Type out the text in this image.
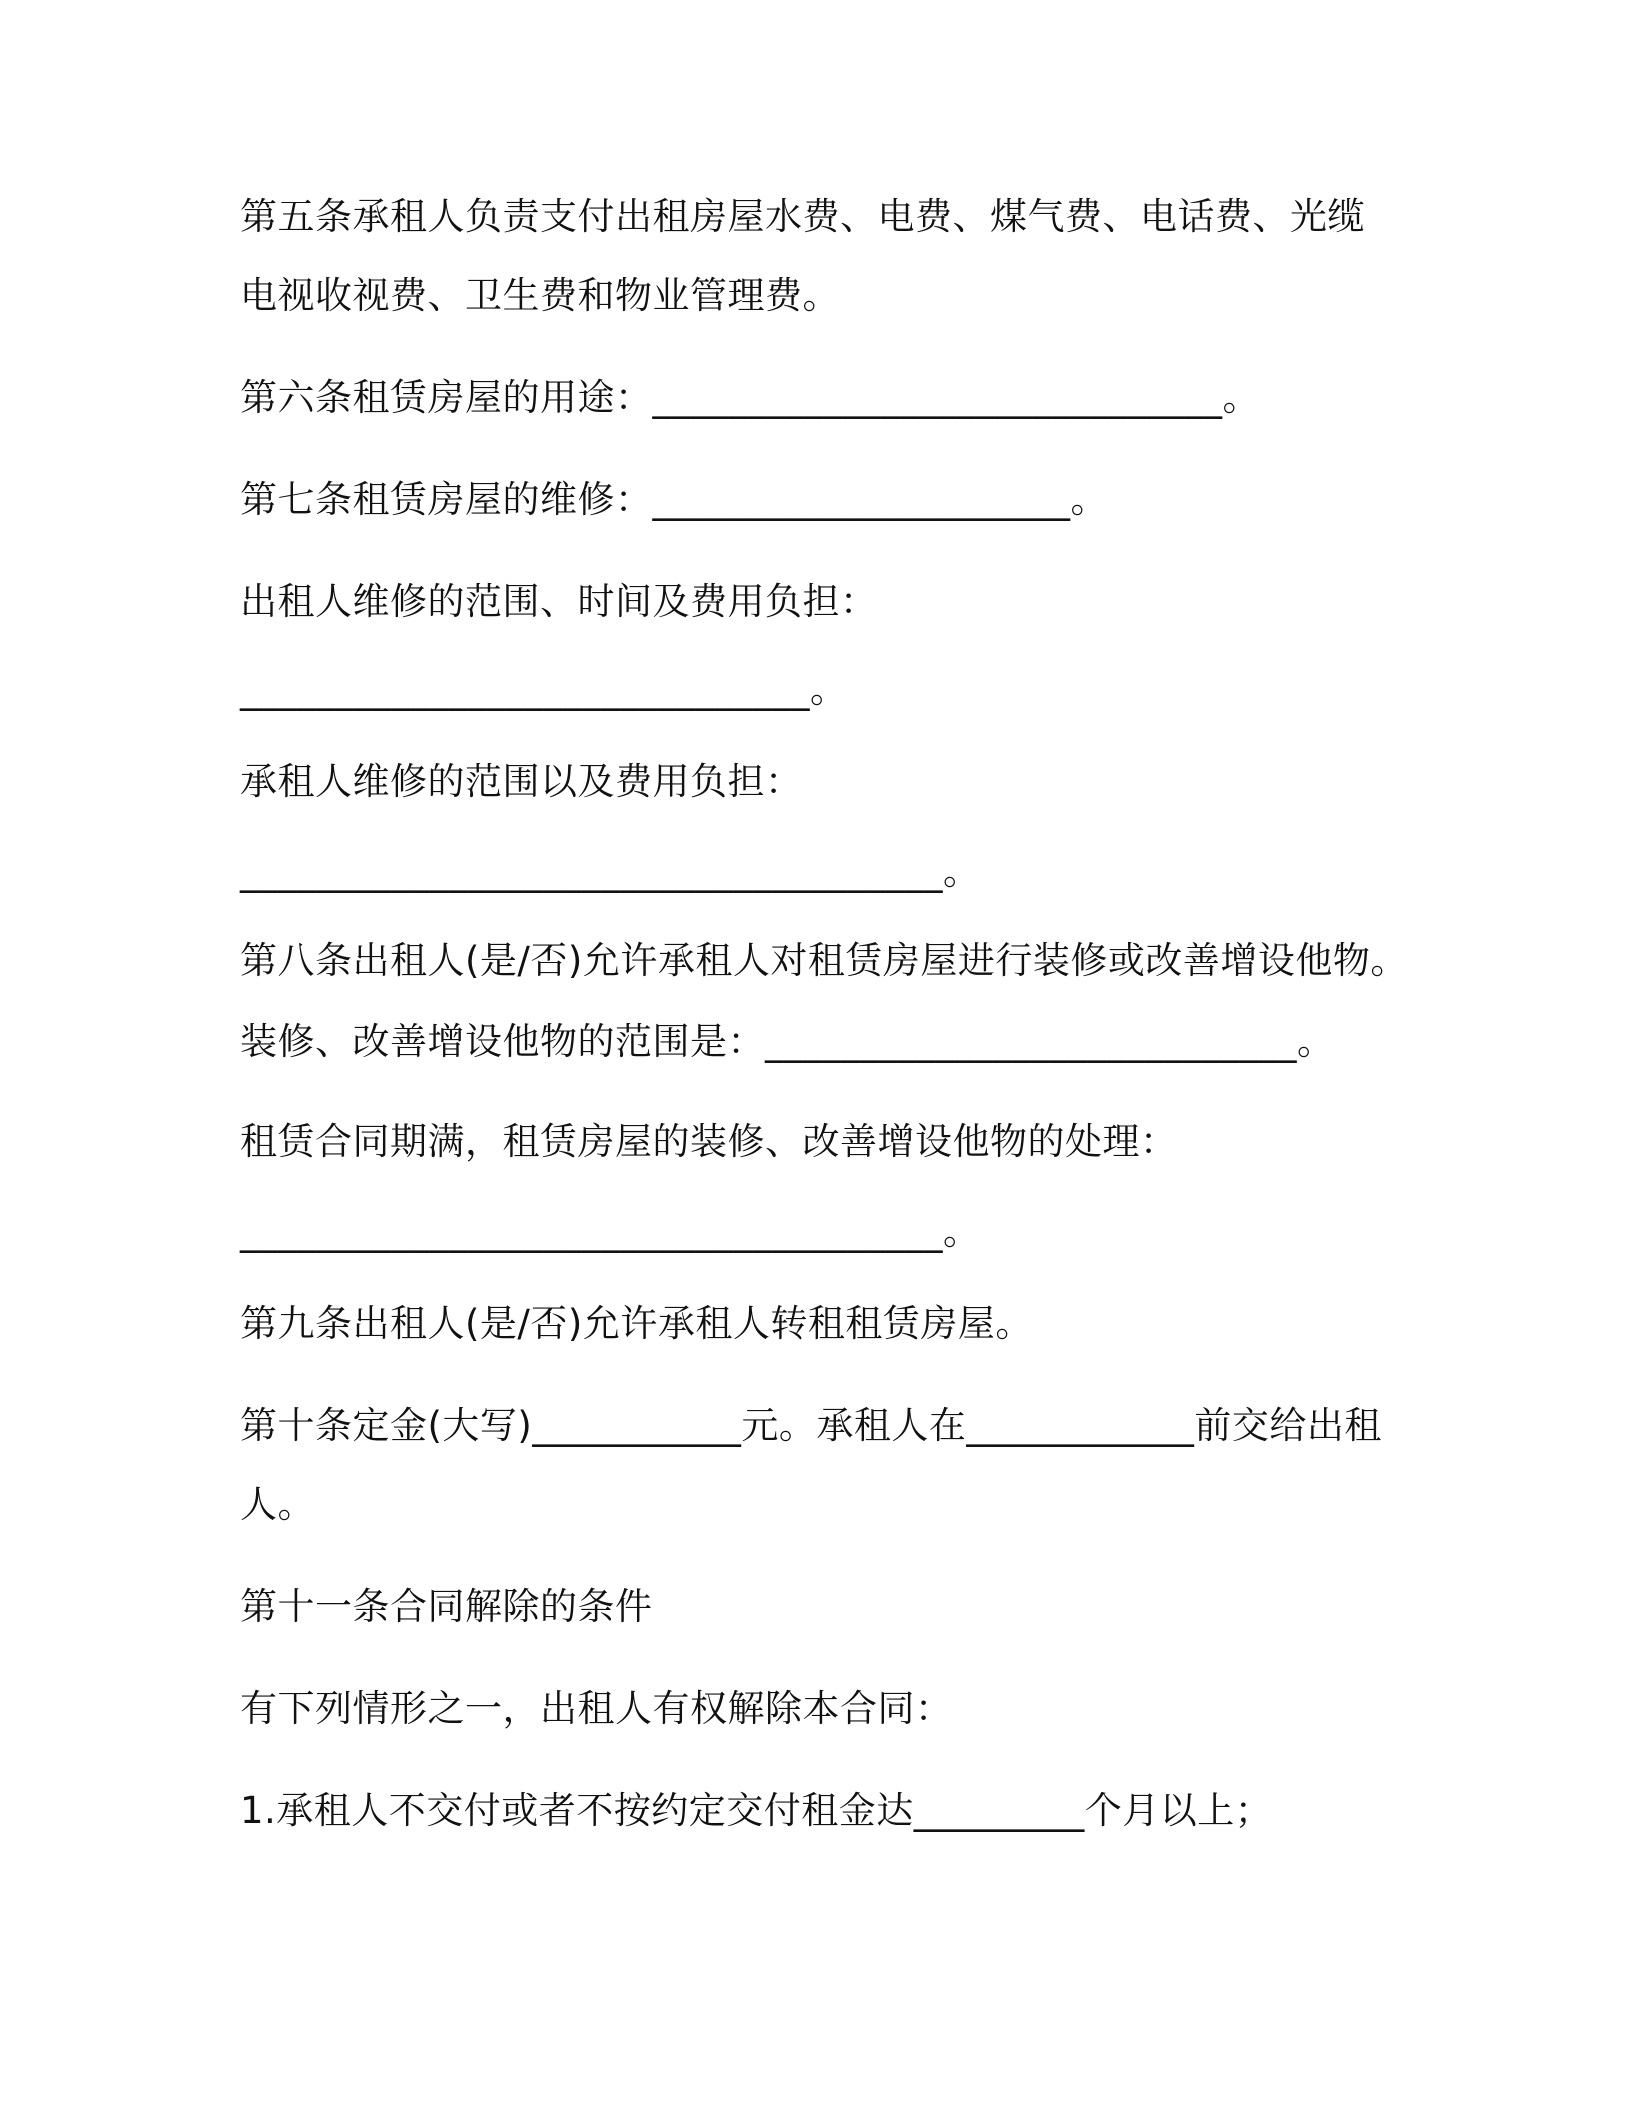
第五条承租人负责支付出租房屋水费、电费、煤气费、电话费、光缆
电视收视费、卫生费和物业管理费。
第六条租赁房屋的用途：______________________________。
第七条租赁房屋的维修：______________________。
出租人维修的范围、时间及费用负担：
______________________________。
承租人维修的范围以及费用负担：
_____________________________________。
第八条出租人(是/否)允许承租人对租赁房屋进行装修或改善增设他物。
装修、改善增设他物的范围是：____________________________。
租赁合同期满，租赁房屋的装修、改善增设他物的处理：
_____________________________________。
第九条出租人(是/否)允许承租人转租租赁房屋。
第十条定金(大写)___________元。承租人在____________前交给出租
人。
第十一条合同解除的条件
有下列情形之一，出租人有权解除本合同：
1.承租人不交付或者不按约定交付租金达_________个月以上；
